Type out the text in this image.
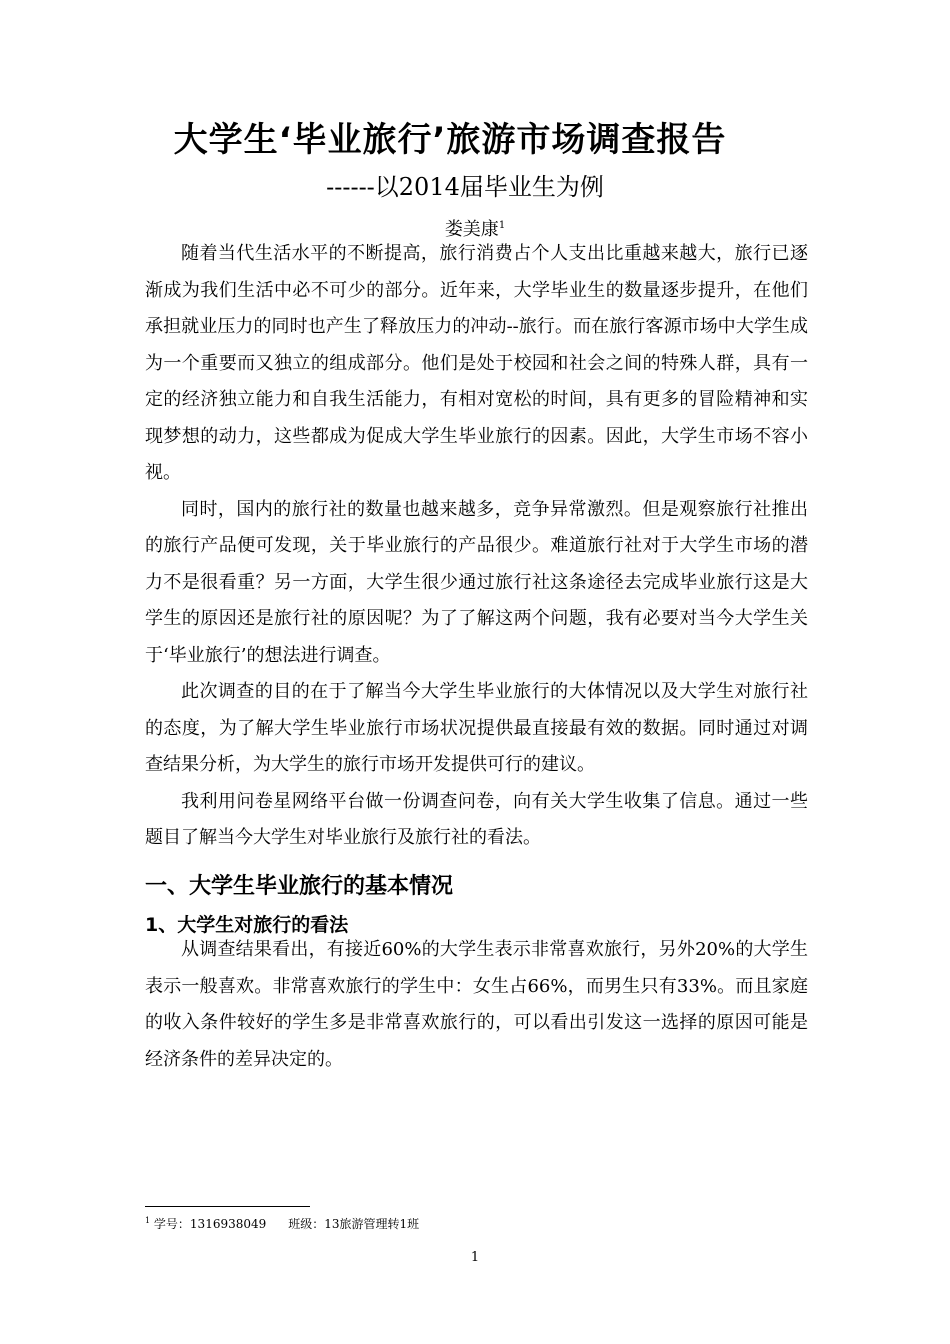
大学生‘毕业旅行’旅游市场调查报告
------以2014届毕业生为例
娄美康$^1$

随着当代生活水平的不断提高，旅行消费占个人支出比重越来越大，旅行已逐渐成为我们生活中必不可少的部分。近年来，大学毕业生的数量逐步提升，在他们承担就业压力的同时也产生了释放压力的冲动--旅行。而在旅行客源市场中大学生成为一个重要而又独立的组成部分。他们是处于校园和社会之间的特殊人群，具有一定的经济独立能力和自我生活能力，有相对宽松的时间，具有更多的冒险精神和实现梦想的动力，这些都成为促成大学生毕业旅行的因素。因此，大学生市场不容小视。

同时，国内的旅行社的数量也越来越多，竞争异常激烈。但是观察旅行社推出的旅行产品便可发现，关于毕业旅行的产品很少。难道旅行社对于大学生市场的潜力不是很看重？另一方面，大学生很少通过旅行社这条途径去完成毕业旅行这是大学生的原因还是旅行社的原因呢？为了了解这两个问题，我有必要对当今大学生关于‘毕业旅行’的想法进行调查。

此次调查的目的在于了解当今大学生毕业旅行的大体情况以及大学生对旅行社的态度，为了解大学生毕业旅行市场状况提供最直接最有效的数据。同时通过对调查结果分析，为大学生的旅行市场开发提供可行的建议。

我利用问卷星网络平台做一份调查问卷，向有关大学生收集了信息。通过一些题目了解当今大学生对毕业旅行及旅行社的看法。

一、大学生毕业旅行的基本情况
1、大学生对旅行的看法

从调查结果看出，有接近60%的大学生表示非常喜欢旅行，另外20%的大学生表示一般喜欢。非常喜欢旅行的学生中：女生占66%，而男生只有33%。而且家庭的收入条件较好的学生多是非常喜欢旅行的，可以看出引发这一选择的原因可能是经济条件的差异决定的。

$^1$ 学号：1316938049 班级：13旅游管理转1班
1
